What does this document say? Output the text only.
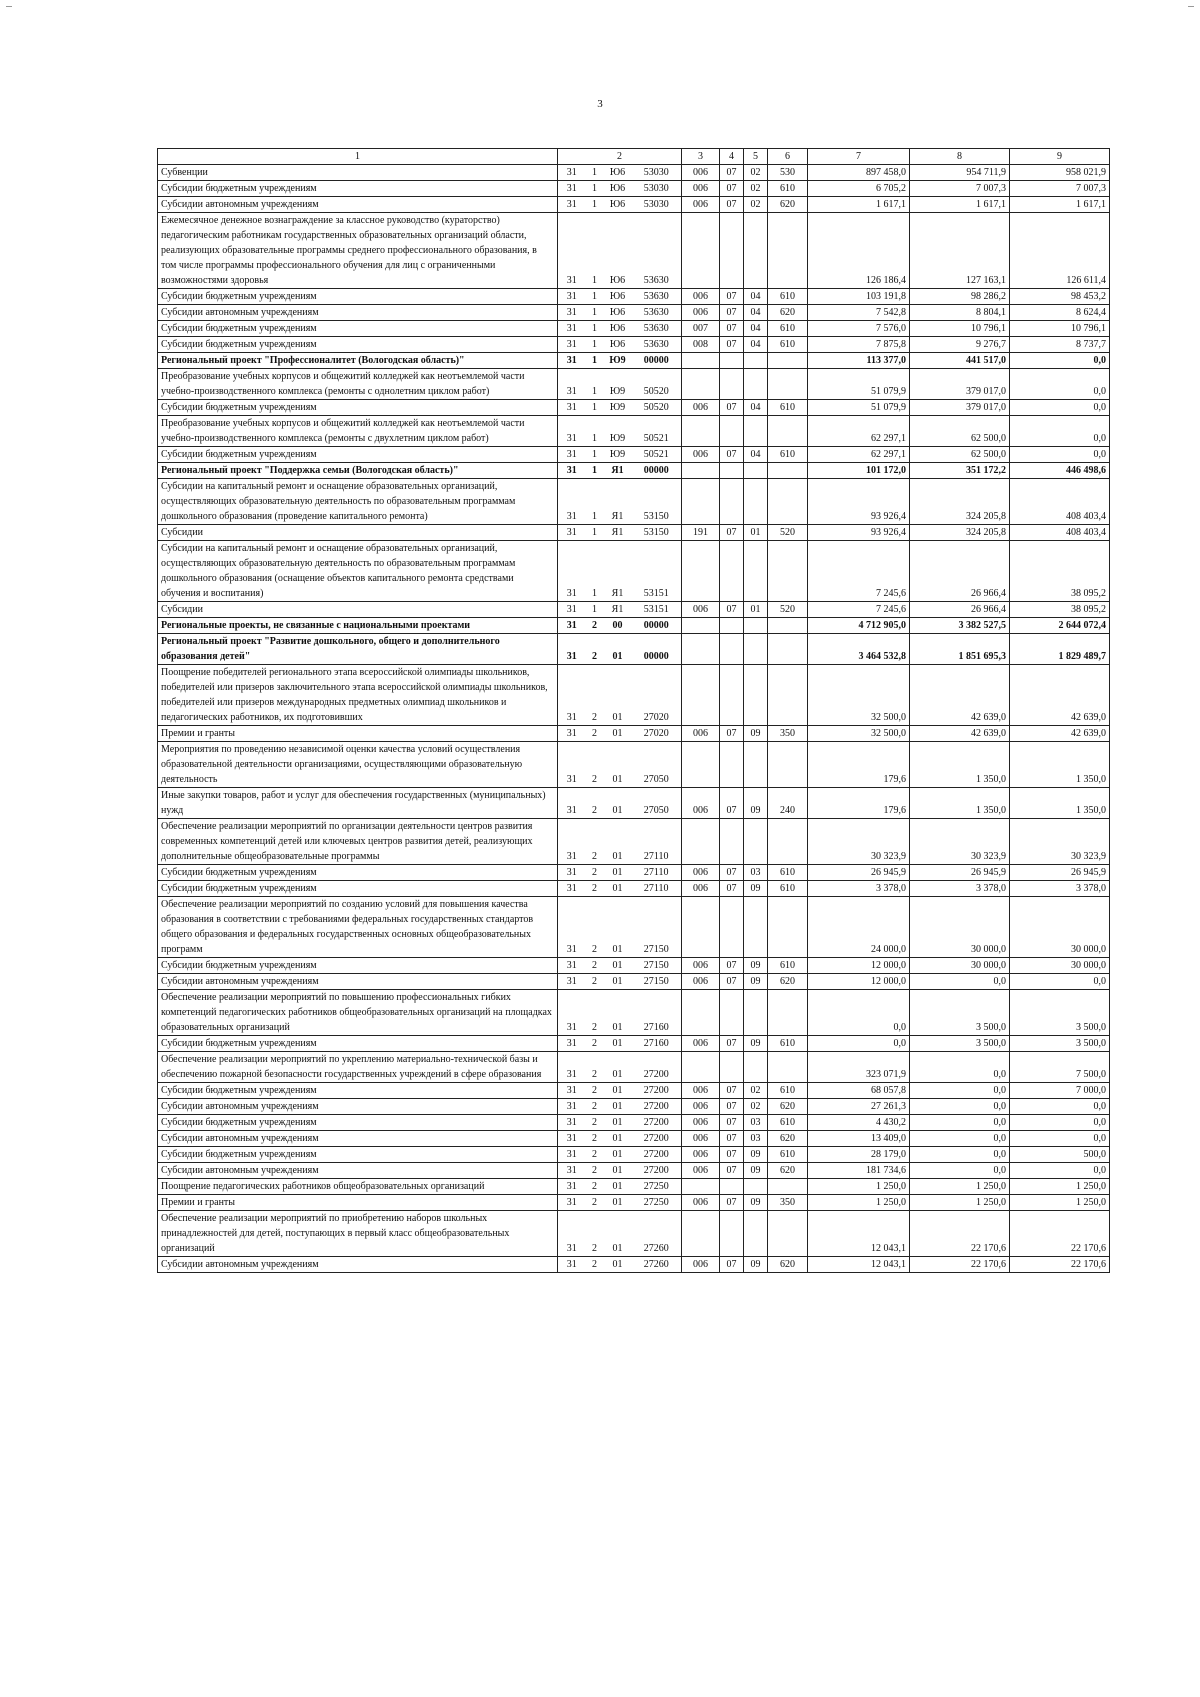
3
1	2				3	4	5	6	7	8	9
Субвенции	31	1	Ю6	53030	006	07	02	530	897 458,0	954 711,9	958 021,9
Субсидии бюджетным учреждениям	31	1	Ю6	53030	006	07	02	610	6 705,2	7 007,3	7 007,3
Субсидии автономным учреждениям	31	1	Ю6	53030	006	07	02	620	1 617,1	1 617,1	1 617,1
Ежемесячное денежное вознаграждение за классное руководство (кураторство) педагогическим работникам государственных образовательных организаций области, реализующих образовательные программы среднего профессионального образования, в том числе программы профессионального обучения для лиц с ограниченными возможностями здоровья	31	1	Ю6	53630					126 186,4	127 163,1	126 611,4
Субсидии бюджетным учреждениям	31	1	Ю6	53630	006	07	04	610	103 191,8	98 286,2	98 453,2
Субсидии автономным учреждениям	31	1	Ю6	53630	006	07	04	620	7 542,8	8 804,1	8 624,4
Субсидии бюджетным учреждениям	31	1	Ю6	53630	007	07	04	610	7 576,0	10 796,1	10 796,1
Субсидии бюджетным учреждениям	31	1	Ю6	53630	008	07	04	610	7 875,8	9 276,7	8 737,7
Региональный проект "Профессионалитет (Вологодская область)"	31	1	Ю9	00000					113 377,0	441 517,0	0,0
Преобразование учебных корпусов и общежитий колледжей как неотъемлемой части учебно-производственного комплекса (ремонты с однолетним циклом работ)	31	1	Ю9	50520					51 079,9	379 017,0	0,0
Субсидии бюджетным учреждениям	31	1	Ю9	50520	006	07	04	610	51 079,9	379 017,0	0,0
Преобразование учебных корпусов и общежитий колледжей как неотъемлемой части учебно-производственного комплекса (ремонты с двухлетним циклом работ)	31	1	Ю9	50521					62 297,1	62 500,0	0,0
Субсидии бюджетным учреждениям	31	1	Ю9	50521	006	07	04	610	62 297,1	62 500,0	0,0
Региональный проект "Поддержка семьи (Вологодская область)"	31	1	Я1	00000					101 172,0	351 172,2	446 498,6
Субсидии на капитальный ремонт и оснащение образовательных организаций, осуществляющих образовательную деятельность по образовательным программам дошкольного образования (проведение капитального ремонта)	31	1	Я1	53150					93 926,4	324 205,8	408 403,4
Субсидии	31	1	Я1	53150	191	07	01	520	93 926,4	324 205,8	408 403,4
Субсидии на капитальный ремонт и оснащение образовательных организаций, осуществляющих образовательную деятельность по образовательным программам дошкольного образования (оснащение объектов капитального ремонта средствами обучения и воспитания)	31	1	Я1	53151					7 245,6	26 966,4	38 095,2
Субсидии	31	1	Я1	53151	006	07	01	520	7 245,6	26 966,4	38 095,2
Региональные проекты, не связанные с национальными проектами	31	2	00	00000					4 712 905,0	3 382 527,5	2 644 072,4
Региональный проект "Развитие дошкольного, общего и дополнительного образования детей"	31	2	01	00000					3 464 532,8	1 851 695,3	1 829 489,7
Поощрение победителей регионального этапа всероссийской олимпиады школьников, победителей или призеров заключительного этапа всероссийской олимпиады школьников, победителей или призеров международных предметных олимпиад школьников и педагогических работников, их подготовивших	31	2	01	27020					32 500,0	42 639,0	42 639,0
Премии и гранты	31	2	01	27020	006	07	09	350	32 500,0	42 639,0	42 639,0
Мероприятия по проведению независимой оценки качества условий осуществления образовательной деятельности организациями, осуществляющими образовательную деятельность	31	2	01	27050					179,6	1 350,0	1 350,0
Иные закупки товаров, работ и услуг для обеспечения государственных (муниципальных) нужд	31	2	01	27050	006	07	09	240	179,6	1 350,0	1 350,0
Обеспечение реализации мероприятий по организации деятельности центров развития современных компетенций детей или ключевых центров развития детей, реализующих дополнительные общеобразовательные программы	31	2	01	27110					30 323,9	30 323,9	30 323,9
Субсидии бюджетным учреждениям	31	2	01	27110	006	07	03	610	26 945,9	26 945,9	26 945,9
Субсидии бюджетным учреждениям	31	2	01	27110	006	07	09	610	3 378,0	3 378,0	3 378,0
Обеспечение реализации мероприятий по созданию условий для повышения качества образования в соответствии с требованиями федеральных государственных стандартов общего образования и федеральных государственных основных общеобразовательных программ	31	2	01	27150					24 000,0	30 000,0	30 000,0
Субсидии бюджетным учреждениям	31	2	01	27150	006	07	09	610	12 000,0	30 000,0	30 000,0
Субсидии автономным учреждениям	31	2	01	27150	006	07	09	620	12 000,0	0,0	0,0
Обеспечение реализации мероприятий по повышению профессиональных гибких компетенций педагогических работников общеобразовательных организаций на площадках образовательных организаций	31	2	01	27160					0,0	3 500,0	3 500,0
Субсидии бюджетным учреждениям	31	2	01	27160	006	07	09	610	0,0	3 500,0	3 500,0
Обеспечение реализации мероприятий по укреплению материально-технической базы и обеспечению пожарной безопасности государственных учреждений в сфере образования	31	2	01	27200					323 071,9	0,0	7 500,0
Субсидии бюджетным учреждениям	31	2	01	27200	006	07	02	610	68 057,8	0,0	7 000,0
Субсидии автономным учреждениям	31	2	01	27200	006	07	02	620	27 261,3	0,0	0,0
Субсидии бюджетным учреждениям	31	2	01	27200	006	07	03	610	4 430,2	0,0	0,0
Субсидии автономным учреждениям	31	2	01	27200	006	07	03	620	13 409,0	0,0	0,0
Субсидии бюджетным учреждениям	31	2	01	27200	006	07	09	610	28 179,0	0,0	500,0
Субсидии автономным учреждениям	31	2	01	27200	006	07	09	620	181 734,6	0,0	0,0
Поощрение педагогических работников общеобразовательных организаций	31	2	01	27250					1 250,0	1 250,0	1 250,0
Премии и гранты	31	2	01	27250	006	07	09	350	1 250,0	1 250,0	1 250,0
Обеспечение реализации мероприятий по приобретению наборов школьных принадлежностей для детей, поступающих в первый класс общеобразовательных организаций	31	2	01	27260					12 043,1	22 170,6	22 170,6
Субсидии автономным учреждениям	31	2	01	27260	006	07	09	620	12 043,1	22 170,6	22 170,6
